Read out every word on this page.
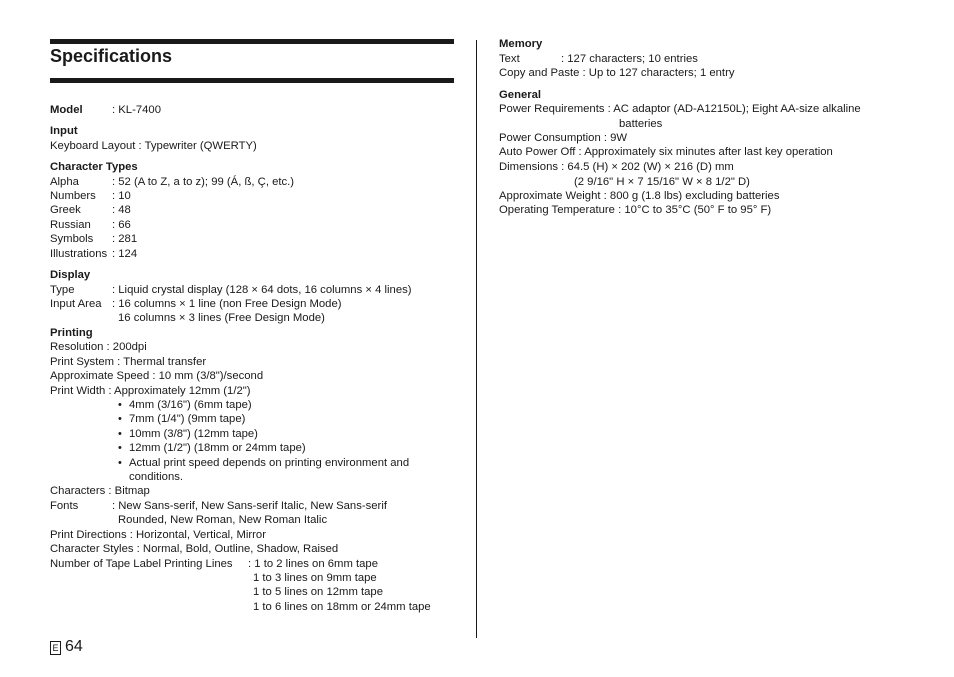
Specifications
Model	: KL-7400
Input
Keyboard Layout : Typewriter (QWERTY)
Character Types
Alpha	: 52 (A to Z, a to z); 99 (Á, ß, Ç, etc.)
Numbers : 10
Greek	: 48
Russian : 66
Symbols : 281
Illustrations : 124
Display
Type	: Liquid crystal display (128 × 64 dots, 16 columns × 4 lines)
Input Area : 16 columns × 1 line (non Free Design Mode)
16 columns × 3 lines (Free Design Mode)
Printing
Resolution : 200dpi
Print System : Thermal transfer
Approximate Speed : 10 mm (3/8")/second
Print Width : Approximately 12mm (1/2")
• 4mm (3/16") (6mm tape)
• 7mm (1/4") (9mm tape)
• 10mm (3/8") (12mm tape)
• 12mm (1/2") (18mm or 24mm tape)
• Actual print speed depends on printing environment and
conditions.
Characters : Bitmap
Fonts	: New Sans-serif, New Sans-serif Italic, New Sans-serif
Rounded, New Roman, New Roman Italic
Print Directions : Horizontal, Vertical, Mirror
Character Styles : Normal, Bold, Outline, Shadow, Raised
Number of Tape Label Printing Lines : 1 to 2 lines on 6mm tape
1 to 3 lines on 9mm tape
1 to 5 lines on 12mm tape
1 to 6 lines on 18mm or 24mm tape
Memory
Text	: 127 characters; 10 entries
Copy and Paste : Up to 127 characters; 1 entry
General
Power Requirements : AC adaptor (AD-A12150L); Eight AA-size alkaline
batteries
Power Consumption : 9W
Auto Power Off : Approximately six minutes after last key operation
Dimensions : 64.5 (H) × 202 (W) × 216 (D) mm
(2 9/16" H × 7 15/16" W × 8 1/2" D)
Approximate Weight : 800 g (1.8 lbs) excluding batteries
Operating Temperature : 10°C to 35°C (50° F to 95° F)
E 64
